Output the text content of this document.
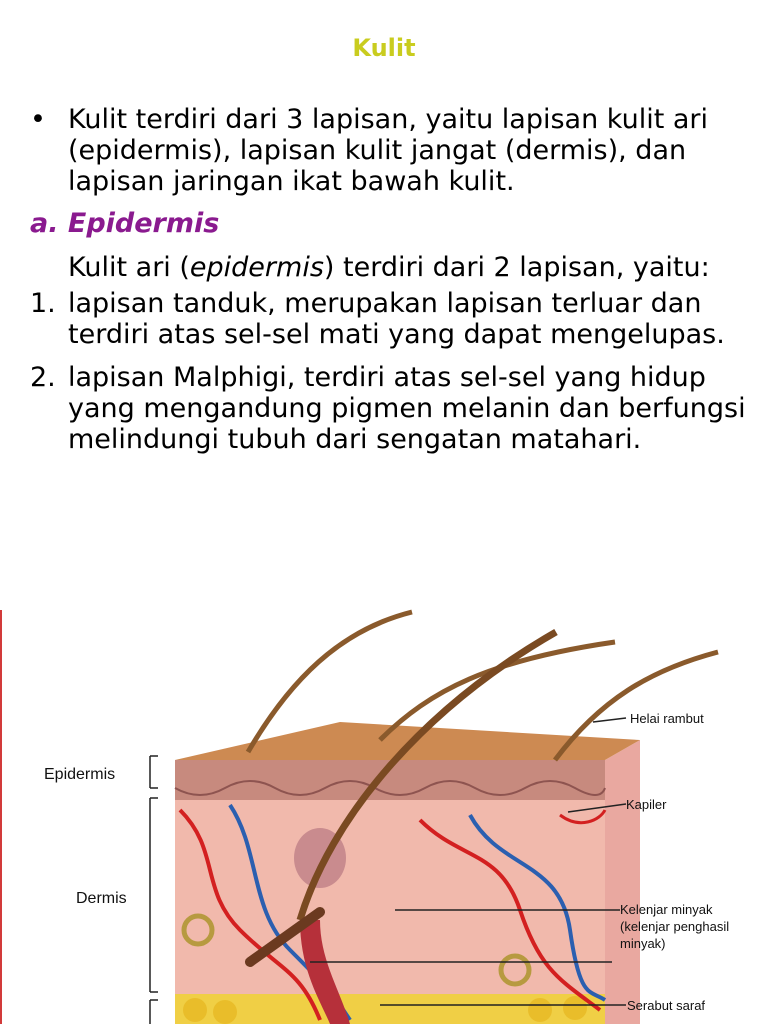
Kulit
• Kulit terdiri dari 3 lapisan, yaitu lapisan kulit ari (epidermis), lapisan kulit jangat (dermis), dan lapisan jaringan ikat bawah kulit.
a. Epidermis
Kulit ari (epidermis) terdiri dari 2 lapisan, yaitu:
1. lapisan tanduk, merupakan lapisan terluar dan terdiri atas sel-sel mati yang dapat mengelupas.
2. lapisan Malphigi, terdiri atas sel-sel yang hidup yang mengandung pigmen melanin dan berfungsi melindungi tubuh dari sengatan matahari.
Epidermis
Dermis
Helai rambut
Kapiler
Kelenjar minyak
(kelenjar penghasil
minyak)
Serabut saraf
